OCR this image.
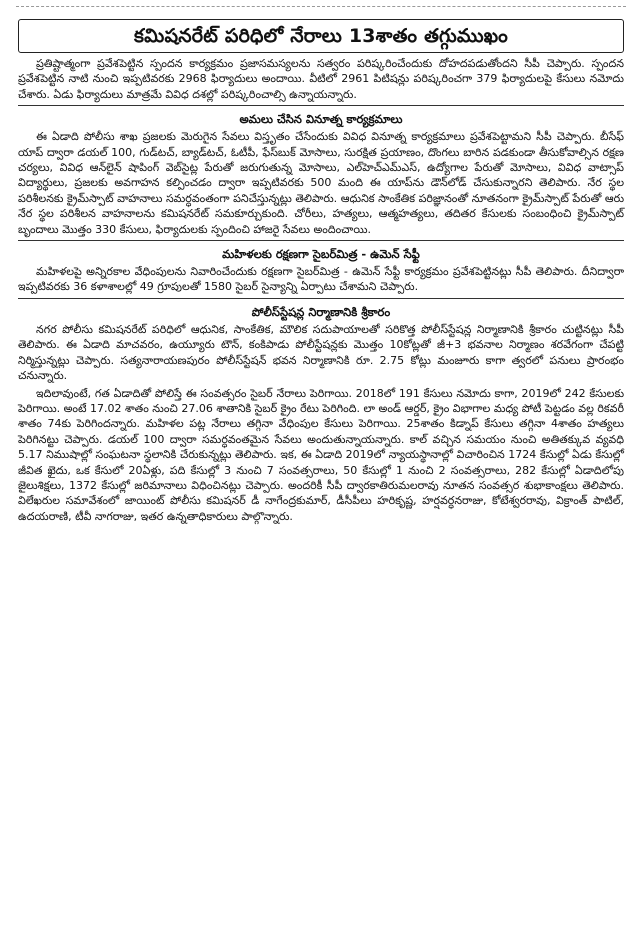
కమిషనరేట్ పరిధిలో నేరాలు 13శాతం తగ్గుముఖం
ప్రతిష్టాత్మంగా ప్రవేశపెట్టిన స్పందన కార్యక్రమం ప్రజాసమస్యలను సత్వరం పరిష్కరించేందుకు దోహదపడుతోందని సీపీ చెప్పారు. స్పందన ప్రవేశపెట్టిన నాటి నుంచి ఇప్పటివరకు 2968 ఫిర్యాదులు అందాయి. వీటిలో 2961 పిటిషన్లు పరిష్కరించగా 379 ఫిర్యాదులపై కేసులు నమోదు చేశారు. ఏడు ఫిర్యాదులు మాత్రమే వివిధ దశల్లో పరిష్కరించాల్సి ఉన్నాయన్నారు.
అమలు చేసిన వినూత్న కార్యక్రమాలు
ఈ ఏడాది పోలీసు శాఖ ప్రజలకు మెరుగైన సేవలు విస్తృతం చేసేందుకు వివిధ వినూత్న కార్యక్రమాలు ప్రవేశపెట్టామని సీపీ చెప్పారు. బీసేఫ్ యాప్ ద్వారా డయల్ 100, గుడ్‌టచ్, బ్యాడ్‌టచ్, ఓటీపీ, ఫేస్‌బుక్ మోసాలు, సురక్షిత ప్రయాణం, దొంగలు బారిన పడకుండా తీసుకోవాల్సిన రక్షణ చర్యలు, వివిధ ఆన్‌లైన్ షాపింగ్ వెబ్‌సైట్ల పేరుతో జరుగుతున్న మోసాలు, ఎల్‌హెచ్‌ఎమ్‌ఎస్, ఉద్యోగాల పేరుతో మోసాలు, వివిధ వాట్సాప్ విద్యార్థులు, ప్రజలకు అవగాహన కల్పించడం ద్వారా ఇప్పటివరకు 500 మంది ఈ యాప్‌ను డౌన్‌లోడ్ చేసుకున్నారని తెలిపారు. నేర స్థల పరిశీలనకు క్రైమ్‌స్పాట్ వాహనాలు సమర్ధవంతంగా పనిచేస్తున్నట్లు తెలిపారు. ఆధునిక సాంకేతిక పరిజ్ఞానంతో నూతనంగా క్రైమ్‌స్పాట్ పేరుతో ఆరు నేర స్థల పరిశీలన వాహనాలను కమిషనరేట్ సమకూర్చుకుంది. చోరీలు, హత్యలు, ఆత్మహత్యలు, తదితర కేసులకు సంబంధించి క్రైమ్‌స్పాట్ బృందాలు మొత్తం 330 కేసులు, ఫిర్యాదులకు స్పందించి హాజరై సేవలు అందించాయి.
మహిళలకు రక్షణగా సైబర్‌మిత్ర - ఉమెన్ సేఫ్టీ
మహిళలపై అన్నిరకాల వేధింపులను నివారించేందుకు రక్షణగా సైబర్‌మిత్ర - ఉమెన్ సేఫ్టీ కార్యక్రమం ప్రవేశపెట్టినట్లు సీపీ తెలిపారు. దీనిద్వారా ఇప్పటివరకు 36 కళాశాలల్లో 49 గ్రూపులతో 1580 సైబర్ సైన్యాన్ని ఏర్పాటు చేశామని చెప్పారు.
పోలీస్‌స్టేషన్ల నిర్మాణానికి శ్రీకారం
నగర పోలీసు కమిషనరేట్ పరిధిలో ఆధునిక, సాంకేతిక, మౌలిక సదుపాయాలతో సరికొత్త పోలీస్‌స్టేషన్ల నిర్మాణానికి శ్రీకారం చుట్టినట్లు సీపీ తెలిపారు. ఈ ఏడాది మాచవరం, ఉయ్యూరు టౌన్, కంకిపాడు పోలీస్టేషన్లకు మొత్తం 10కోట్లతో జీ+3 భవనాల నిర్మాణం శరవేగంగా చేపట్టి నిర్మిస్తున్నట్లు చెప్పారు. సత్యనారాయణపురం పోలీస్‌స్టేషన్ భవన నిర్మాణానికి రూ. 2.75 కోట్లు మంజూరు కాగా త్వరలో పనులు ప్రారంభం చనున్నారు.
ఇదిలావుంటే, గత ఏడాదితో పోలిస్తే ఈ సంవత్సరం సైబర్ నేరాలు పెరిగాయి. 2018లో 191 కేసులు నమోదు కాగా, 2019లో 242 కేసులకు పెరిగాయి. అంటే 17.02 శాతం నుంచి 27.06 శాతానికి సైబర్ క్రైం రేటు పెరిగింది. లా అండ్ ఆర్డర్, క్రైం విభాగాల మధ్య పోటీ పెట్టడం వల్ల రికవరీ శాతం 74కు పెరిగిందన్నారు. మహిళల పట్ల నేరాలు తగ్గినా వేధింపుల కేసులు పెరిగాయి. 25శాతం కిడ్నాప్ కేసులు తగ్గినా 4శాతం హత్యలు పెరిగినట్టు చెప్పారు. డయల్ 100 ద్వారా సమర్ధవంతమైన సేవలు అందుతున్నాయన్నారు. కాల్ వచ్చిన సమయం నుంచి అతితక్కువ వ్యవధి 5.17 నిముషాల్లో సంఘటనా స్థలానికి చేరుకున్నట్లు తెలిపారు. ఇక, ఈ ఏడాది 2019లో న్యాయస్థానాల్లో విచారించిన 1724 కేసుల్లో ఏడు కేసుల్లో జీవిత ఖైదు, ఒక కేసులో 20ఏళ్లు, పది కేసుల్లో 3 నుంచి 7 సంవత్సరాలు, 50 కేసుల్లో 1 నుంచి 2 సంవత్సరాలు, 282 కేసుల్లో ఏడాదిలోపు జైలుశిక్షలు, 1372 కేసుల్లో జరిమానాలు విధించినట్లు చెప్పారు. అందరికీ సీపీ ద్వారకాతిరుమలరావు నూతన సంవత్సర శుభాకాంక్షలు తెలిపారు. విలేఖరుల సమావేశంలో జాయింట్ పోలీసు కమిషనర్ డీ నాగేంద్రకుమార్, డీసీపీలు హరికృష్ణ, హర్షవర్ధనరాజు, కోటేశ్వరరావు, విక్రాంత్ పాటిల్, ఉదయరాణి, టీవీ నాగరాజు, ఇతర ఉన్నతాధికారులు పాల్గొన్నారు.
